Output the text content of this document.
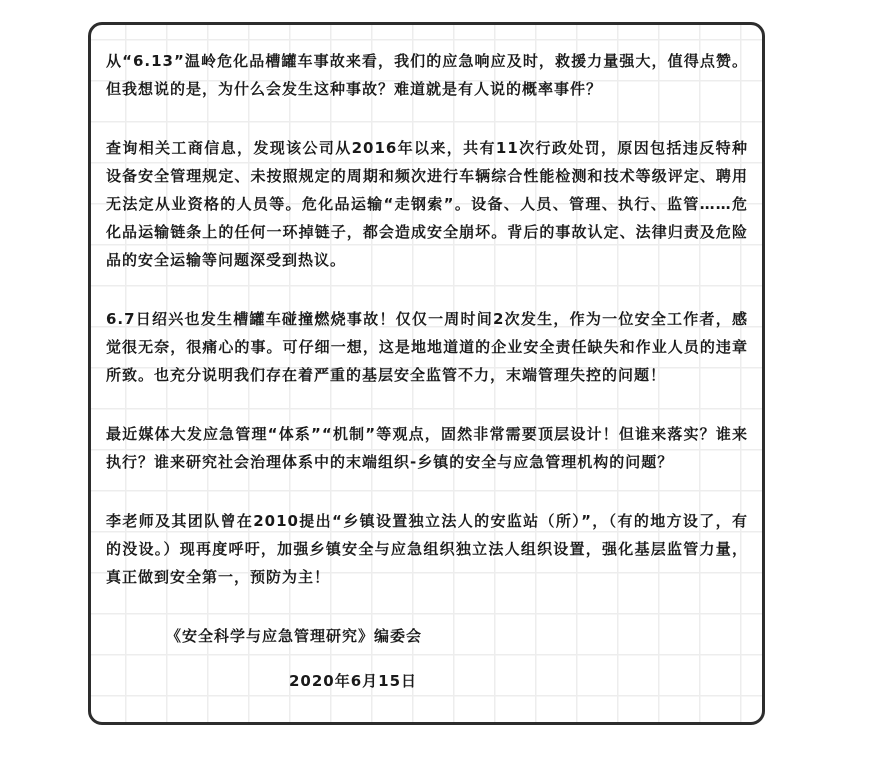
从“6.13”温岭危化品槽罐车事故来看，我们的应急响应及时，救援力量强大，值得点赞。但我想说的是，为什么会发生这种事故？难道就是有人说的概率事件？

查询相关工商信息，发现该公司从2016年以来，共有11次行政处罚，原因包括违反特种设备安全管理规定、未按照规定的周期和频次进行车辆综合性能检测和技术等级评定、聘用无法定从业资格的人员等。危化品运输“走钢索”。设备、人员、管理、执行、监管……危化品运输链条上的任何一环掉链子，都会造成安全崩坏。背后的事故认定、法律归责及危险品的安全运输等问题深受到热议。

6.7日绍兴也发生槽罐车碰撞燃烧事故！仅仅一周时间2次发生，作为一位安全工作者，感觉很无奈，很痛心的事。可仔细一想，这是地地道道的企业安全责任缺失和作业人员的违章所致。也充分说明我们存在着严重的基层安全监管不力，末端管理失控的问题！

最近媒体大发应急管理“体系”“机制”等观点，固然非常需要顶层设计！但谁来落实？谁来执行？谁来研究社会治理体系中的末端组织-乡镇的安全与应急管理机构的问题？

李老师及其团队曾在2010提出“乡镇设置独立法人的安监站（所）”，（有的地方设了，有的没设。）现再度呼吁，加强乡镇安全与应急组织独立法人组织设置，强化基层监管力量，真正做到安全第一，预防为主！

《安全科学与应急管理研究》编委会

2020年6月15日
